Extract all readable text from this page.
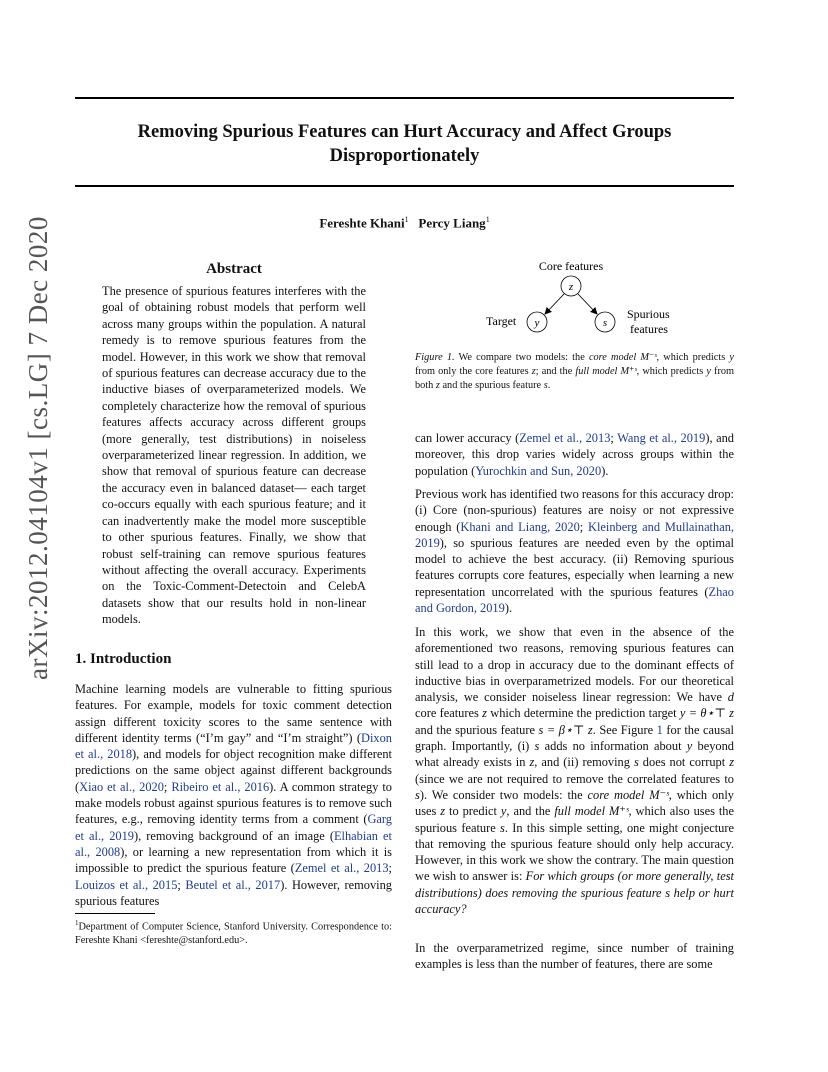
Removing Spurious Features can Hurt Accuracy and Affect Groups Disproportionately
Fereshte Khani$^1$ Percy Liang$^1$
arXiv:2012.04104v1 [cs.LG] 7 Dec 2020	Abstract
The presence of spurious features interferes with the goal of obtaining robust models that perform well across many groups within the population. A natural remedy is to remove spurious features from the model. However, in this work we show that removal of spurious features can decrease accuracy due to the inductive biases of overparameterized models. We completely characterize how the removal of spurious features affects accuracy across different groups (more generally, test distributions) in noiseless overparameterized linear regression. In addition, we show that removal of spurious feature can decrease the accuracy even in balanced dataset— each target co-occurs equally with each spurious feature; and it can inadvertently make the model more susceptible to other spurious features. Finally, we show that robust self-training can remove spurious features without affecting the overall accuracy. Experiments on the Toxic-Comment-Detectoin and CelebA datasets show that our results hold in non-linear models.
1. Introduction
Machine learning models are vulnerable to fitting spurious features. For example, models for toxic comment detection assign different toxicity scores to the same sentence with different identity terms (“I’m gay” and “I’m straight”) (Dixon et al., 2018), and models for object recognition make different predictions on the same object against different backgrounds (Xiao et al., 2020; Ribeiro et al., 2016). A common strategy to make models robust against spurious features is to remove such features, e.g., removing identity terms from a comment (Garg et al., 2019), removing background of an image (Elhabian et al., 2008), or learning a new representation from which it is impossible to predict the spurious feature (Zemel et al., 2013; Louizos et al., 2015; Beutel et al., 2017). However, removing spurious features
$^1$Department of Computer Science, Stanford University. Correspondence to: Fereshte Khani <fereshte@stanford.edu>.
Core features
z
y	s
Target	Spurious
features
Figure 1. We compare two models: the core model M⁻ˢ, which predicts y from only the core features z; and the full model M⁺ˢ, which predicts y from both z and the spurious feature s.
can lower accuracy (Zemel et al., 2013; Wang et al., 2019), and moreover, this drop varies widely across groups within the population (Yurochkin and Sun, 2020).
Previous work has identified two reasons for this accuracy drop: (i) Core (non-spurious) features are noisy or not expressive enough (Khani and Liang, 2020; Kleinberg and Mullainathan, 2019), so spurious features are needed even by the optimal model to achieve the best accuracy. (ii) Removing spurious features corrupts core features, especially when learning a new representation uncorrelated with the spurious features (Zhao and Gordon, 2019).
In this work, we show that even in the absence of the aforementioned two reasons, removing spurious features can still lead to a drop in accuracy due to the dominant effects of inductive bias in overparametrized models. For our theoretical analysis, we consider noiseless linear regression: We have d core features z which determine the prediction target y = θ⋆⊤ z and the spurious feature s = β⋆⊤ z. See Figure 1 for the causal graph. Importantly, (i) s adds no information about y beyond what already exists in z, and (ii) removing s does not corrupt z (since we are not required to remove the correlated features to s). We consider two models: the core model M⁻ˢ, which only uses z to predict y, and the full model M⁺ˢ, which also uses the spurious feature s. In this simple setting, one might conjecture that removing the spurious feature should only help accuracy. However, in this work we show the contrary. The main question we wish to answer is: For which groups (or more generally, test distributions) does removing the spurious feature s help or hurt accuracy?
In the overparametrized regime, since number of training examples is less than the number of features, there are some
